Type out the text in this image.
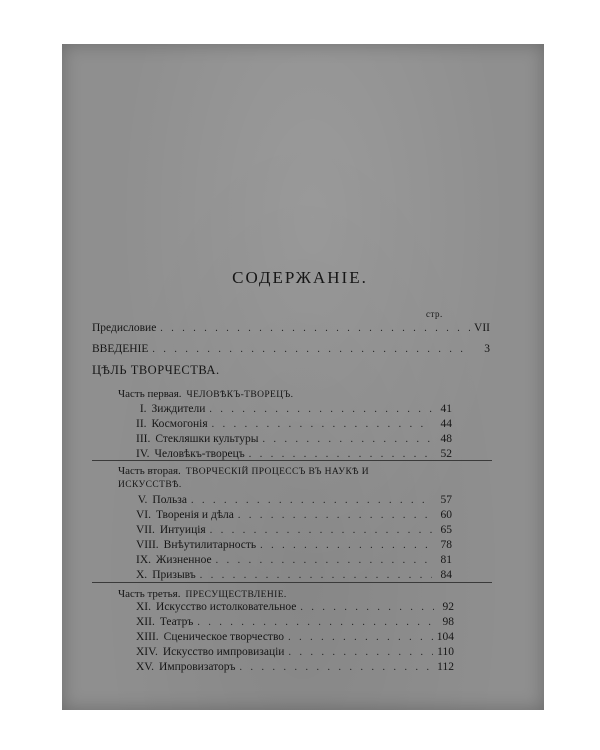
СОДЕРЖАНIЕ.
стр.
Предисловие . . .	VII
ВВЕДЕНIЕ . . .	3
ЦѢЛЬ ТВОРЧЕСТВА.
Часть первая. ЧЕЛОВѢКЪ-ТВОРЕЦЪ.
I. Зиждители . . .	41
II. Космогонiя . . .	44
III. Стекляшки культуры . . .	48
IV. Человѣкъ-творецъ . . .	52
Часть вторая. ТВОРЧЕСКIЙ ПРОЦЕССЪ ВЪ НАУКѢ И
ИСКУССТВѢ.
V. Польза . . .	57
VI. Творенiя и дѣла . . .	60
VII. Интуицiя . . .	65
VIII. Внѣутилитарность . . .	78
IX. Жизненное . . .	81
X. Призывъ . . .	84
Часть третья. ПРЕСУЩЕСТВЛЕНIЕ.
XI. Искусство истолковательное . . .	92
XII. Театръ . . .	98
XIII. Сценическое творчество . . .	104
XIV. Искусство импровизацiи . . .	110
XV. Импровизаторъ . . .	112
